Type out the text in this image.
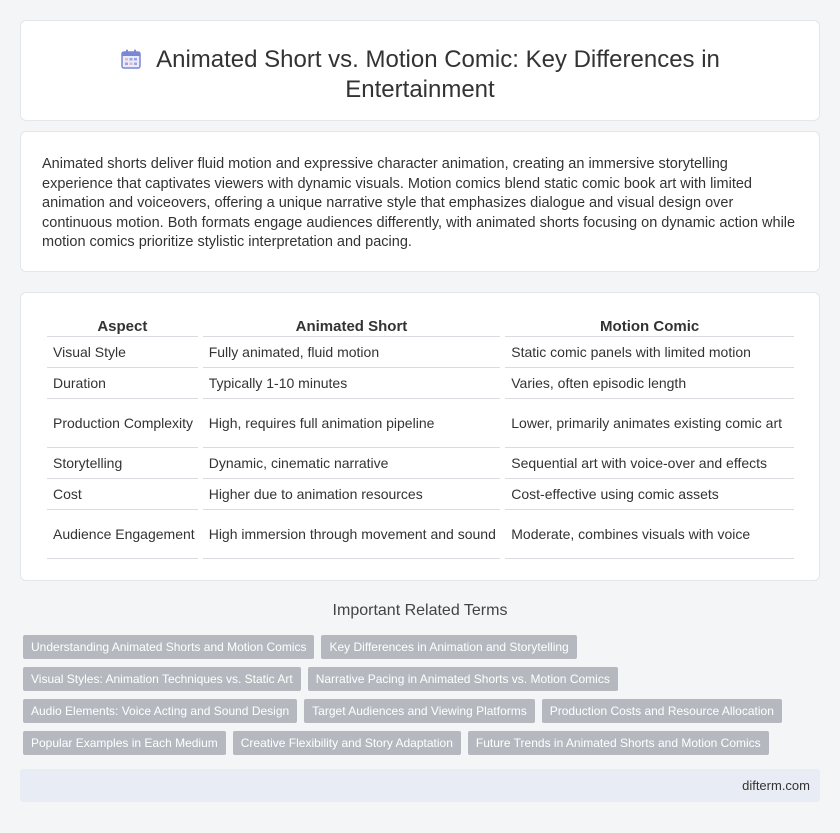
Animated Short vs. Motion Comic: Key Differences in Entertainment

Animated shorts deliver fluid motion and expressive character animation, creating an immersive storytelling experience that captivates viewers with dynamic visuals. Motion comics blend static comic book art with limited animation and voiceovers, offering a unique narrative style that emphasizes dialogue and visual design over continuous motion. Both formats engage audiences differently, with animated shorts focusing on dynamic action while motion comics prioritize stylistic interpretation and pacing.

Aspect	Animated Short	Motion Comic
Visual Style	Fully animated, fluid motion	Static comic panels with limited motion
Duration	Typically 1-10 minutes	Varies, often episodic length
Production Complexity	High, requires full animation pipeline	Lower, primarily animates existing comic art
Storytelling	Dynamic, cinematic narrative	Sequential art with voice-over and effects
Cost	Higher due to animation resources	Cost-effective using comic assets
Audience Engagement	High immersion through movement and sound	Moderate, combines visuals with voice
Important Related Terms
Understanding Animated Shorts and Motion Comics	Key Differences in Animation and Storytelling
Visual Styles: Animation Techniques vs. Static Art	Narrative Pacing in Animated Shorts vs. Motion Comics
Audio Elements: Voice Acting and Sound Design	Target Audiences and Viewing Platforms	Production Costs and Resource Allocation
Popular Examples in Each Medium	Creative Flexibility and Story Adaptation	Future Trends in Animated Shorts and Motion Comics
difterm.com
